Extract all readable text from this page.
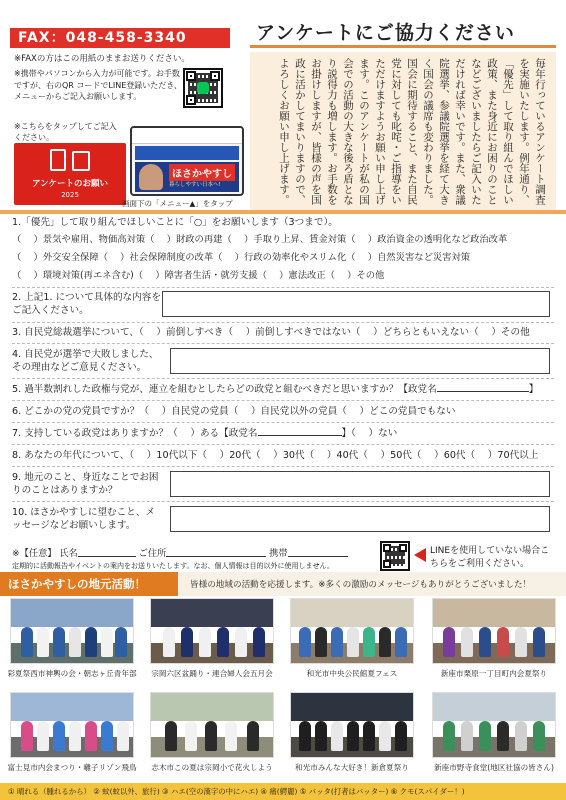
FAX：048-458-3340
※FAXの方はこの用紙のままお送りください。
※携帯やパソコンから入力が可能です。お手数ですが、右のQR コードでLINE登録いただき、メニューからご記入お願いします。
※こちらをタップしてご記入ください。
アンケートのお願い
2025
ほさかやすし
暮らしやすい日本へ!
画面下の「メニュー▲」をタップ
アンケートにご協力ください
毎年行っているアンケート調査を実施いたします。例年通り、「優先」して取り組んでほしい政策、また身近にお困りのことなどございましたらご記入いただければ幸いです。また、衆議院選挙、参議院選挙を経て大きく国会の議席も変わりました。国会に期待すること、また自民党に対しても叱咤・ご指導をいただけますようお願い申し上げます。このアンケートが私の国会での活動の大きな後ろ盾となり説得力も増します。お手数をお掛けしますが、皆様の声を国政に活かしてまいりますので、よろしくお願い申し上げます。
1.「優先」して取り組んでほしいことに「○」をお願いします（3つまで）。
（　 ）景気や雇用、物価高対策（　 ）財政の再建（　 ）手取り上昇、賃金対策（　 ）政治資金の透明化など政治改革
（　 ）外交安全保障（　 ）社会保障制度の改革（　 ）行政の効率化やスリム化（　 ）自然災害など災害対策
（　 ）環境対策(再エネ含む)（　 ）障害者生活・就労支援（　 ）憲法改正（　 ）その他
2. 上記1. について具体的な内容をご記入ください。
3. 自民党総裁選挙について、（　 ）前倒しすべき（　 ）前倒しすべきではない（　 ）どちらともいえない（　 ）その他
4. 自民党が選挙で大敗しました、その理由などご意見ください。
5. 過半数割れした政権与党が、連立を組むとしたらどの政党と組むべきだと思いますか？【政党名	】
6. どこかの党の党員ですか？（　 ）自民党の党員（　 ）自民党以外の党員（　 ）どこの党員でもない
7. 支持している政党はありますか？（　 ）ある【政党名	】（　 ）ない
8. あなたの年代について、（　 ）10代以下（　 ）20代（　 ）30代（　 ）40代（　 ）50代（　 ）60代（　 ）70代以上
9. 地元のこと、身近なことでお困りのことはありますか？
10. ほさかやすしに望むこと、メッセージなどお願いします。
※【任意】 氏名	ご住所	携帯
定期的に活動報告やイベントの案内をお送りいたします。なお、個人情報は目的以外に使用しません。
LINEを使用していない場合こちらをご利用ください。
ほさかやすしの地元活動！	皆様の地域の活動を応援します。※多くの激励のメッセージもありがとうございました！
彩夏祭西市神輿の会・朝志ヶ丘青年部	宗岡六区盆踊り・連合婦人会五月会	和光市中央公民館夏フェス	新座市栗原一丁目町内会夏祭り
富士見市内会まつり・囃子リゾン飛鳥	志木市この夏は宗岡小で花火しよう	和光市みんな大好き！新倉夏祭り	新座市野寺食堂(地区社協の皆さん)
① 晴れる（腫れるから） ② 蚊(蚊以外、旅行) ③ ハエ(空の漢字の中にハエ) ④ 痛(鰐麗) ⑤ バッタ(打者はバッター) ⑥ クモ(スパイダー！)
